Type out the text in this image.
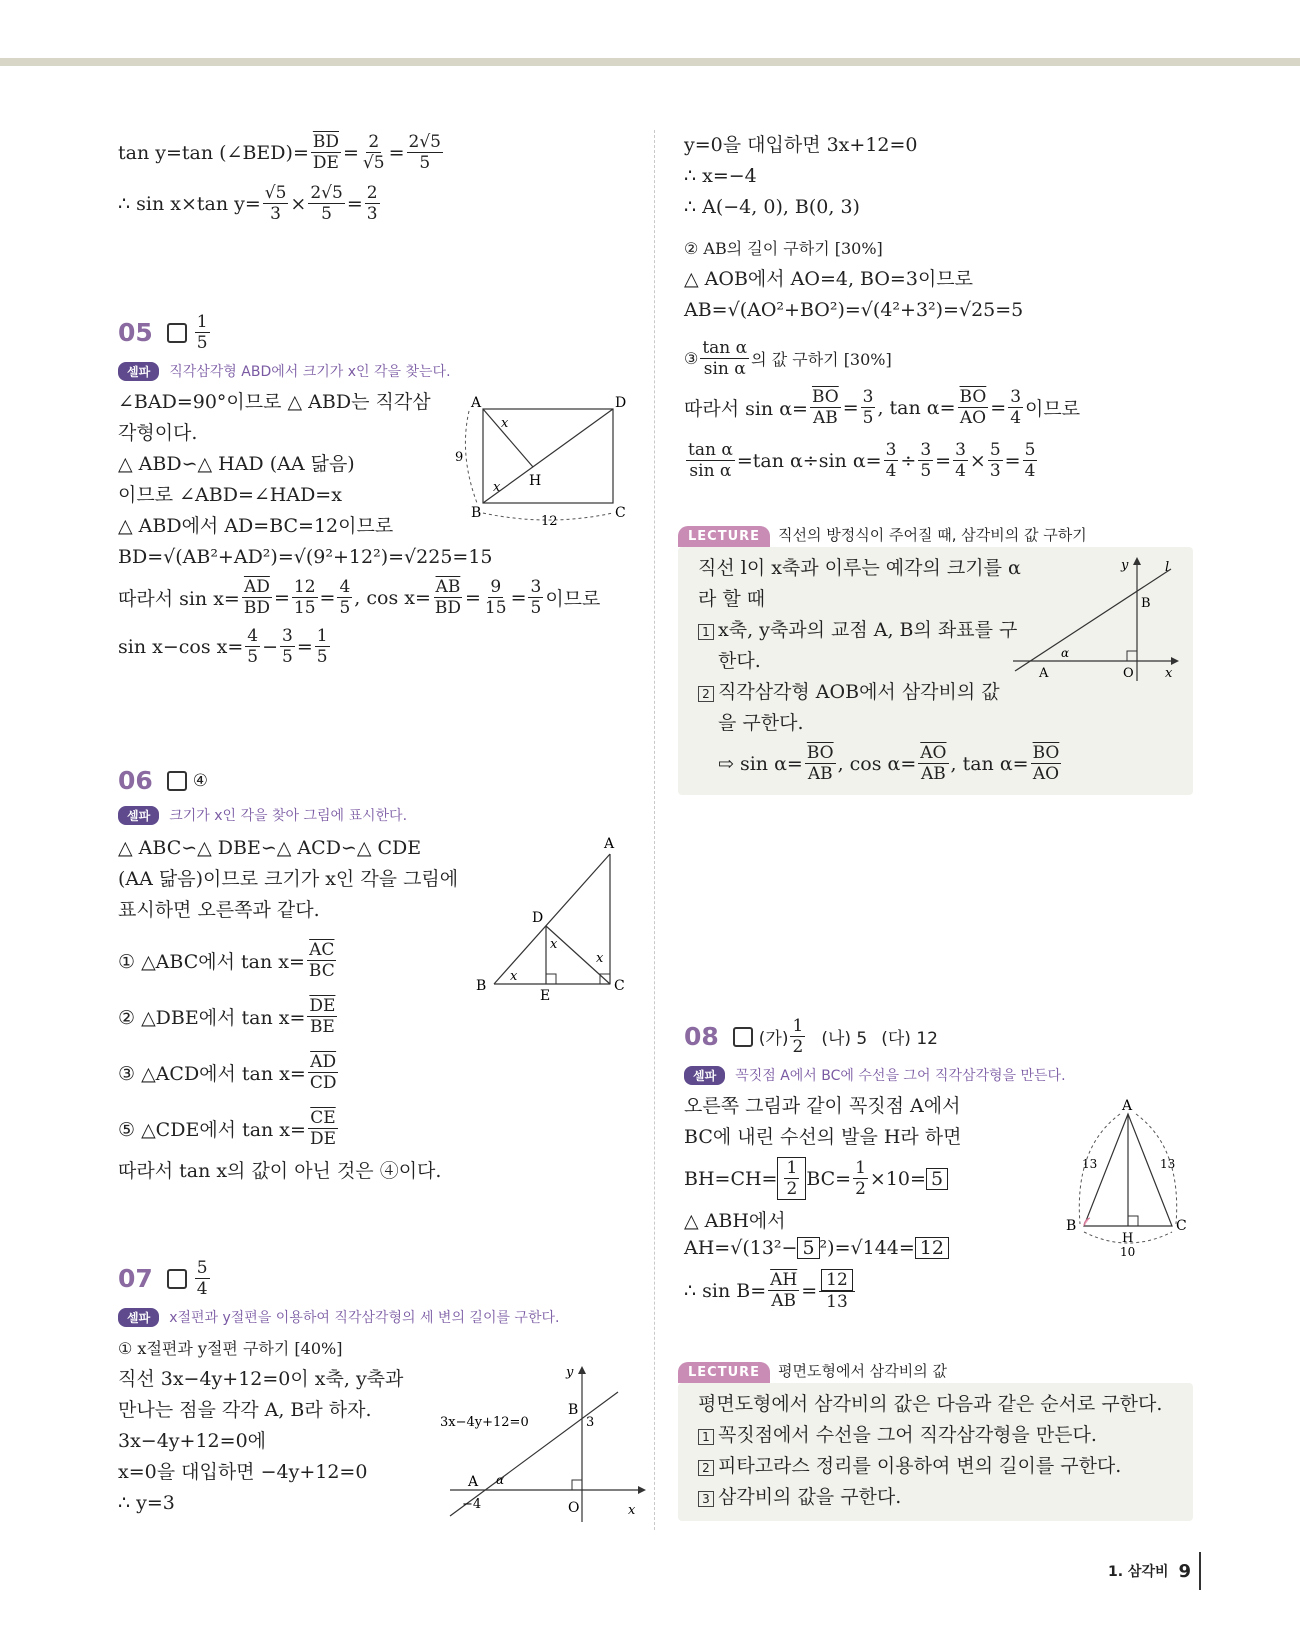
tan y=tan (∠BED)= $\frac{\overline{BD}}{DE} = \frac{2}{√5} = \frac{2√5}{5}$

∴ sin x×tan $y= \frac{√5}{3} \times \frac{2√5}{5} = \frac{2}{3}$

$05 \frac{1}{5}$
셀파 직각삼각형 ABD에서 크기가 x인 각을 찾는다.

∠BAD=90°이므로 △ ABD는 직각삼

각형이다.

△ ABD∽△ HAD (AA 닮음)

이므로 ∠ABD=∠HAD=x

△ ABD에서 AD=BC=12이므로

BD=√(AB²+AD²)=√(9²+12²)=√225=15

따라서 $\sin x= \frac{\overline{AD}}{BD} = \frac{12}{15} = \frac{4}{5}$ , $\cos x= \frac{\overline{AB}}{BD} = \frac{9}{15} = \frac{3}{5}$ 이므로

sin x−cos $x= \frac{4}{5} - \frac{3}{5} = \frac{1}{5}$

A	D
B	C
H
x
x
9
12
06 ④
셀파 크기가 x인 각을 찾아 그림에 표시한다.

△ ABC∽△ DBE∽△ ACD∽△ CDE

(AA 닮음)이므로 크기가 x인 각을 그림에

표시하면 오른쪽과 같다.

① △ABC에서 $\tan x= \frac{\overline{AC}}{BC}$

② △DBE에서 $\tan x= \frac{\overline{DE}}{BE}$

③ △ACD에서 $\tan x= \frac{\overline{AD}}{CD}$

⑤ △CDE에서 $\tan x= \frac{\overline{CE}}{DE}$

따라서 tan x의 값이 아닌 것은 ④이다.

A
B	C
D
E
x
x
x
$07 \frac{5}{4}$
셀파 x절편과 y절편을 이용하여 직각삼각형의 세 변의 길이를 구한다.

① x절편과 y절편 구하기 [40%]

직선 3x−4y+12=0이 x축, y축과

만나는 점을 각각 A, B라 하자.

3x−4y+12=0에

x=0을 대입하면 −4y+12=0

∴ y=3

3x−4y+12=0
y
x
B
3
A
−4	O
α

y=0을 대입하면 3x+12=0

∴ x=−4

∴ A(−4, 0), B(0, 3)

② AB의 길이 구하기 [30%]

△ AOB에서 AO=4, BO=3이므로

AB=√(AO²+BO²)=√(4²+3²)=√25=5

③ $\frac{\text{tan α}}{\text{sin α}}$ 의 값 구하기 [30%]

따라서 $\sin \alpha= \frac{\overline{BO}}{AB} = \frac{3}{5}$ , $\tan \alpha= \frac{\overline{BO}}{AO} = \frac{3}{4}$ 이므로

$\frac{\text{tan α}}{\text{sin α}} =\tan$ α÷sin $\alpha= \frac{3}{4} \div \frac{3}{5} = \frac{3}{4} \times \frac{5}{3} = \frac{5}{4}$

LECTURE 직선의 방정식이 주어질 때, 삼각비의 값 구하기

직선 l이 x축과 이루는 예각의 크기를 α

라 할 때

1 x축, y축과의 교점 A, B의 좌표를 구

한다.

2 직각삼각형 AOB에서 삼각비의 값

을 구한다.

⇨ $\sin \alpha= \frac{\overline{BO}}{AB}$ , $\cos \alpha= \frac{\overline{AO}}{AB}$ , $\tan \alpha= \frac{\overline{BO}}{AO}$

y	l
B
A	O x
α
08 (가) $\frac{1}{2}$ (나) 5 (다) 12
셀파 꼭짓점 A에서 BC에 수선을 그어 직각삼각형을 만든다.

오른쪽 그림과 같이 꼭짓점 A에서

BC에 내린 수선의 발을 H라 하면

$BH=CH= \frac{1}{2} BC= \frac{1}{2} \times 10= 5$

△ ABH에서

AH=√(13²− 5 ²)=√144= 12

∴ $\sin B= \frac{\overline{AH}}{AB} = \frac{12}{13}$

A
B	C
H
13	13
10
LECTURE 평면도형에서 삼각비의 값

평면도형에서 삼각비의 값은 다음과 같은 순서로 구한다.

1 꼭짓점에서 수선을 그어 직각삼각형을 만든다.

2 피타고라스 정리를 이용하여 변의 길이를 구한다.

3 삼각비의 값을 구한다.

1. 삼각비 9
